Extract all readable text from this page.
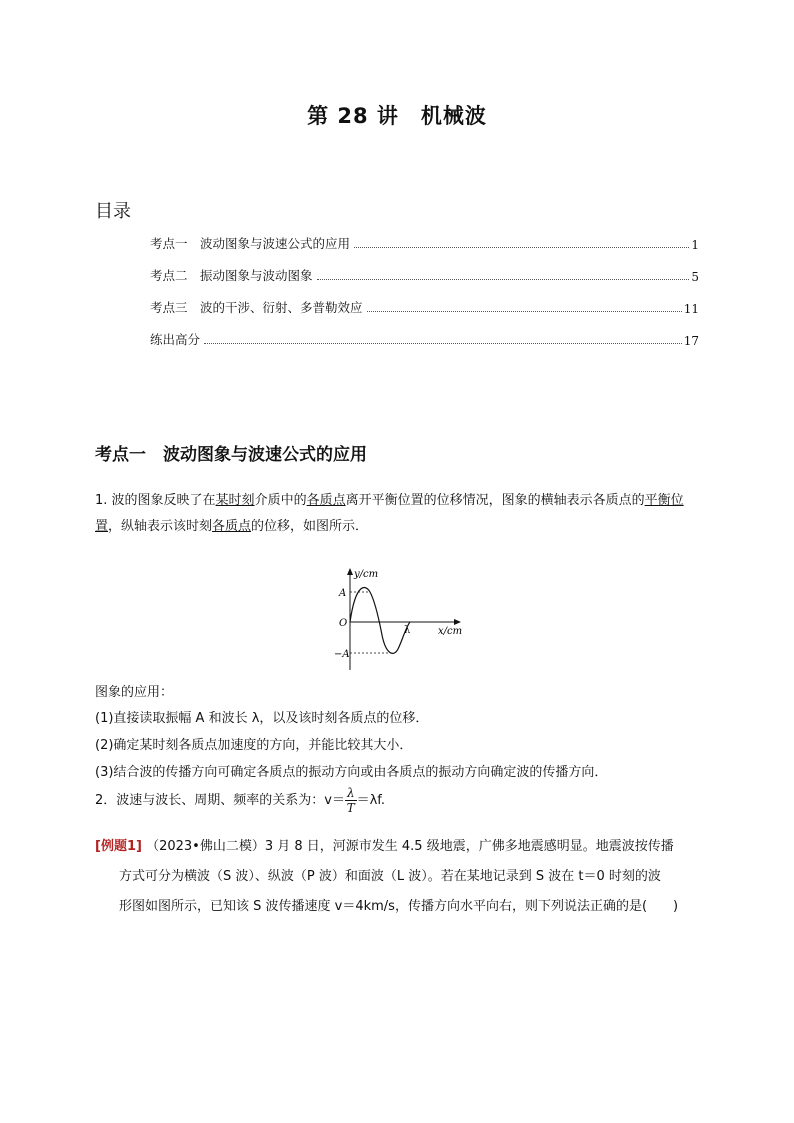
第 28 讲　机械波
目录
考点一　波动图象与波速公式的应用	1
考点二　振动图象与波动图象	5
考点三　波的干涉、衍射、多普勒效应	11
练出高分	17
考点一　波动图象与波速公式的应用
1. 波的图象反映了在某时刻介质中的各质点离开平衡位置的位移情况，图象的横轴表示各质点的平衡位置，纵轴表示该时刻各质点的位移，如图所示．
y/cm
x/cm
A
−A
O
λ
图象的应用：
(1)直接读取振幅 A 和波长 λ，以及该时刻各质点的位移．
(2)确定某时刻各质点加速度的方向，并能比较其大小．
(3)结合波的传播方向可确定各质点的振动方向或由各质点的振动方向确定波的传播方向．
2．波速与波长、周期、频率的关系为：$v= \frac{\lambda}{T} =\lambda f$.
[例题1] （2023•佛山二模）3 月 8 日，河源市发生 4.5 级地震，广佛多地震感明显。地震波按传播
方式可分为横波（S 波）、纵波（P 波）和面波（L 波）。若在某地记录到 S 波在 t＝0 时刻的波
形图如图所示，已知该 S 波传播速度 v＝4km/s，传播方向水平向右，则下列说法正确的是(　　)
